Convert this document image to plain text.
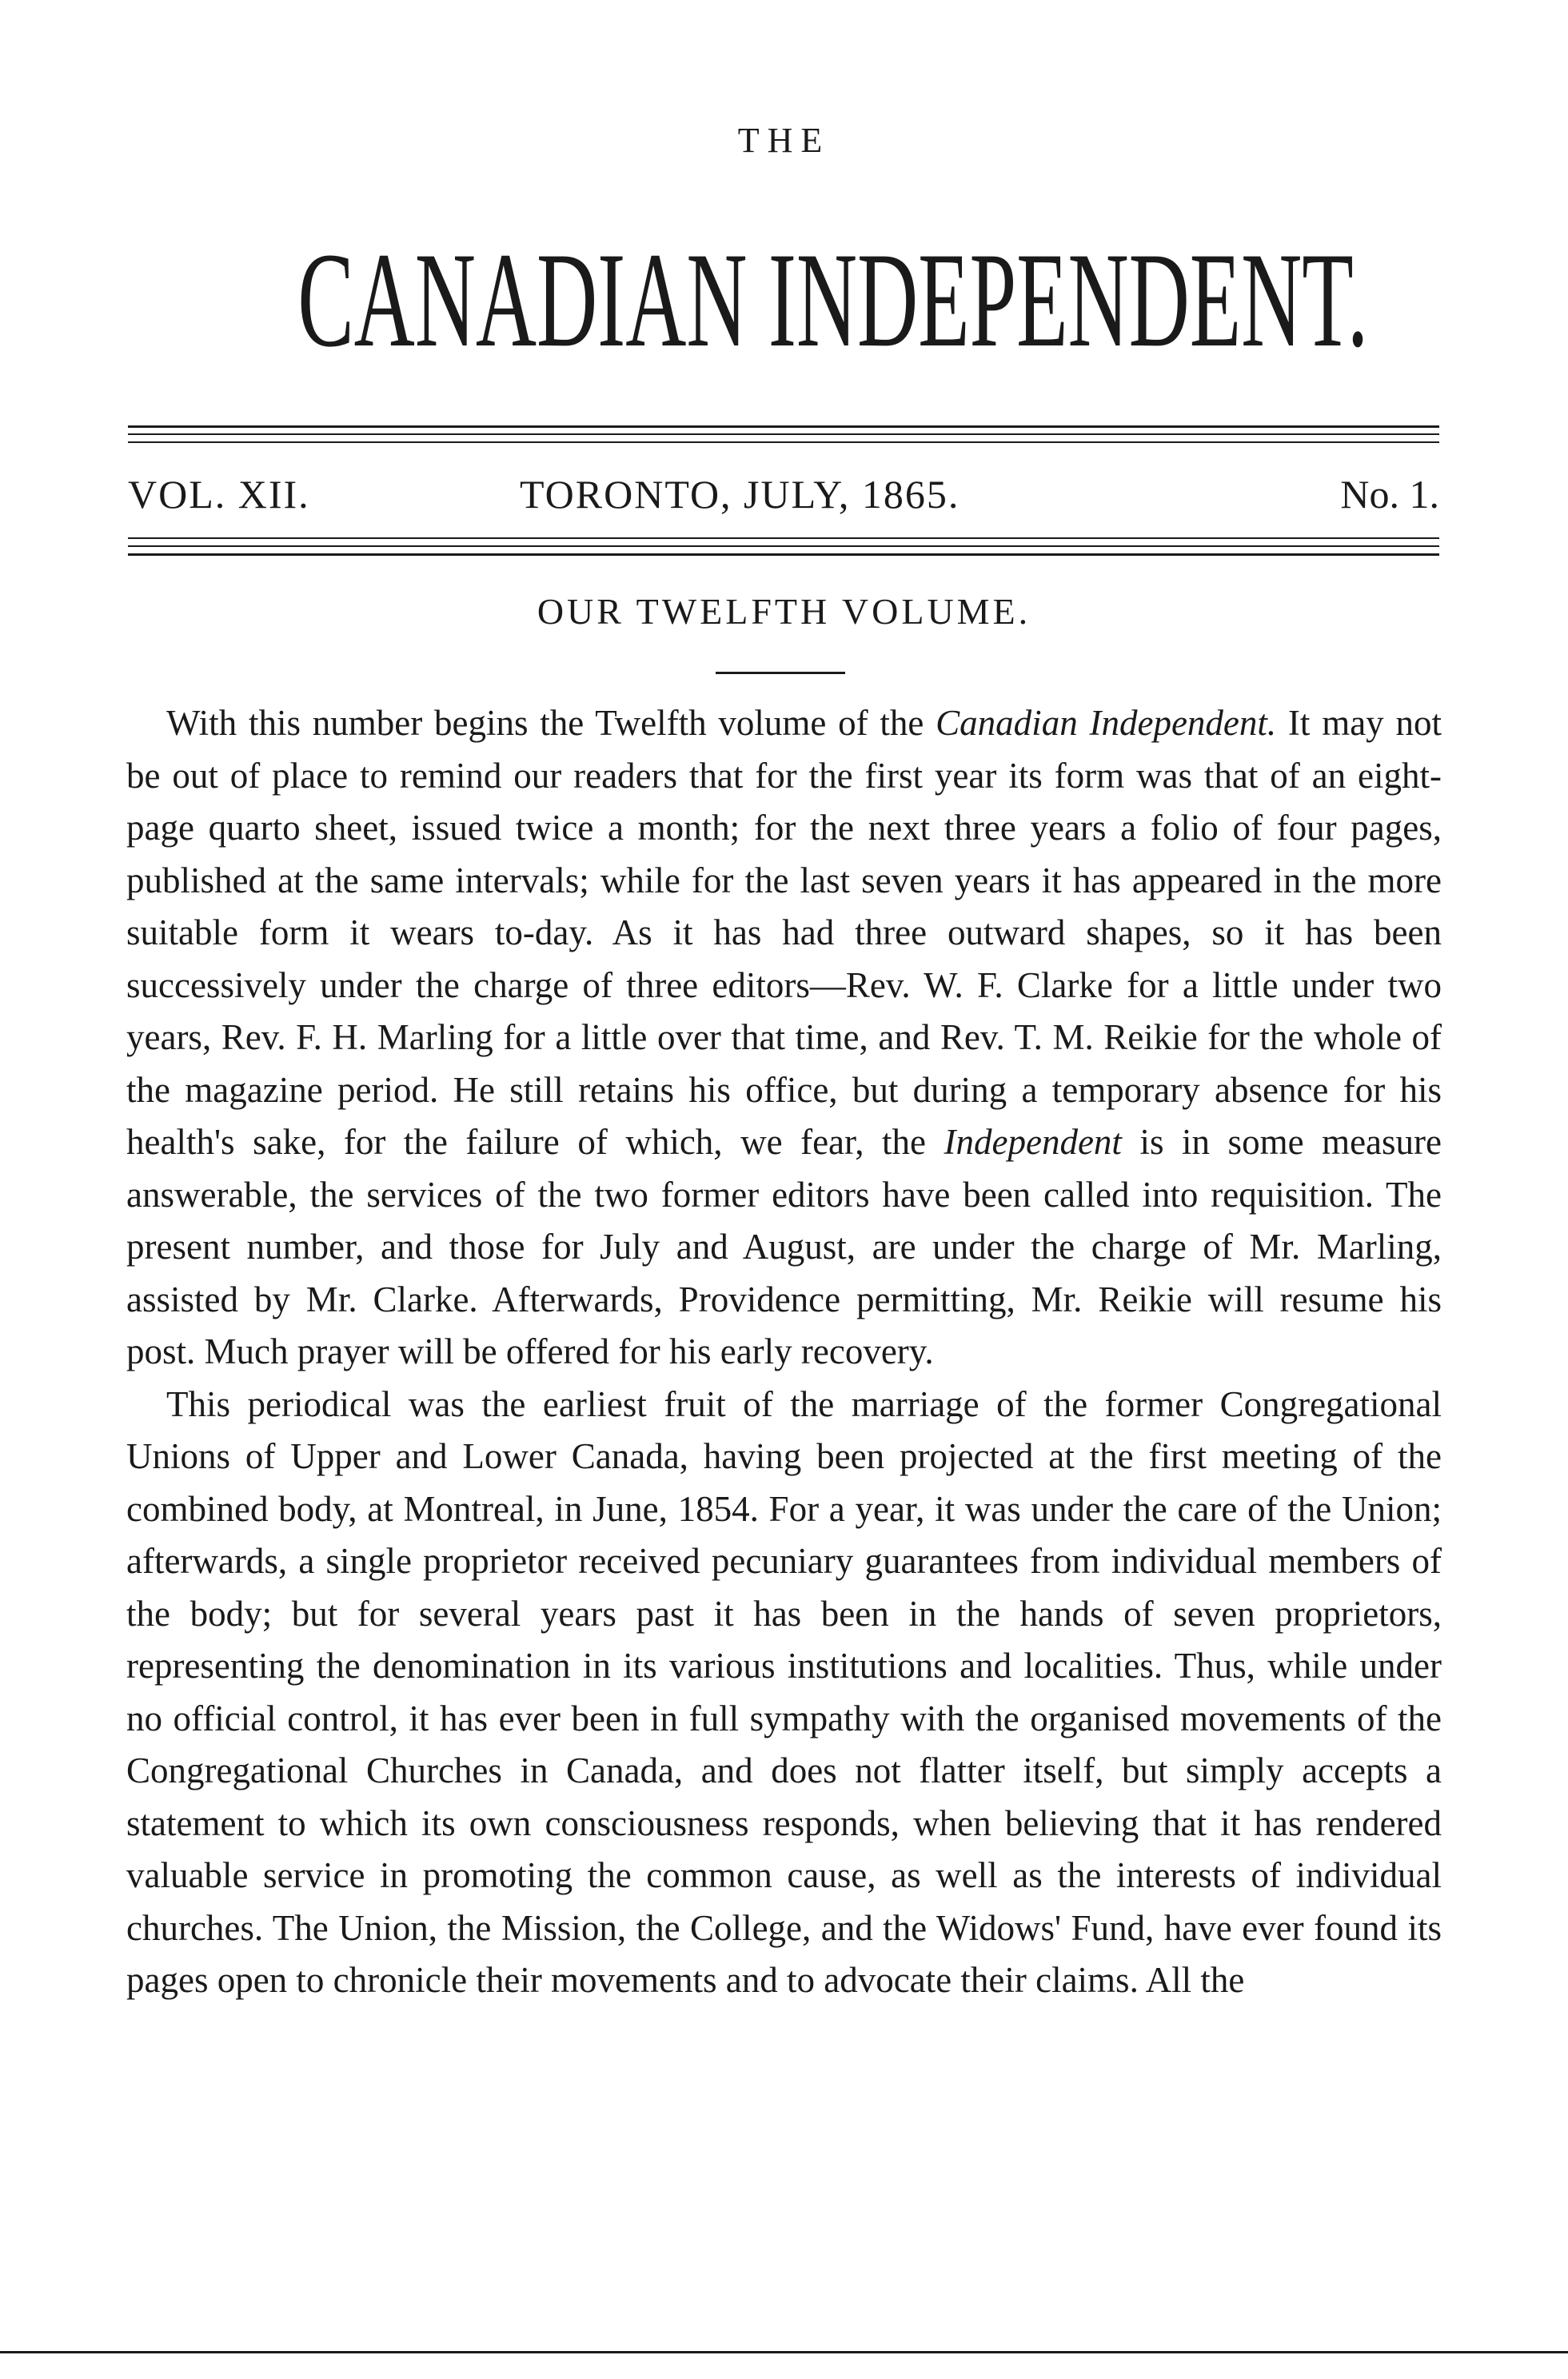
THE
CANADIAN INDEPENDENT.
VOL. XII.	TORONTO, JULY, 1865.	No. 1.
OUR TWELFTH VOLUME.

With this number begins the Twelfth volume of the Canadian Independent. It may not be out of place to remind our readers that for the first year its form was that of an eight-page quarto sheet, issued twice a month; for the next three years a folio of four pages, published at the same intervals; while for the last seven years it has appeared in the more suitable form it wears to-day. As it has had three outward shapes, so it has been successively under the charge of three editors—Rev. W. F. Clarke for a little under two years, Rev. F. H. Marling for a little over that time, and Rev. T. M. Reikie for the whole of the magazine period. He still retains his office, but during a temporary absence for his health's sake, for the failure of which, we fear, the Independent is in some measure answerable, the services of the two former editors have been called into requisition. The present number, and those for July and August, are under the charge of Mr. Marling, assisted by Mr. Clarke. Afterwards, Providence permitting, Mr. Reikie will resume his post. Much prayer will be offered for his early recovery.

This periodical was the earliest fruit of the marriage of the former Congregational Unions of Upper and Lower Canada, having been projected at the first meeting of the combined body, at Montreal, in June, 1854. For a year, it was under the care of the Union; afterwards, a single proprietor received pecuniary guarantees from individual members of the body; but for several years past it has been in the hands of seven proprietors, representing the denomination in its various institutions and localities. Thus, while under no official control, it has ever been in full sympathy with the organised movements of the Congregational Churches in Canada, and does not flatter itself, but simply accepts a statement to which its own consciousness responds, when believing that it has rendered valuable service in promoting the common cause, as well as the interests of individual churches. The Union, the Mission, the College, and the Widows' Fund, have ever found its pages open to chronicle their movements and to advocate their claims. All the
